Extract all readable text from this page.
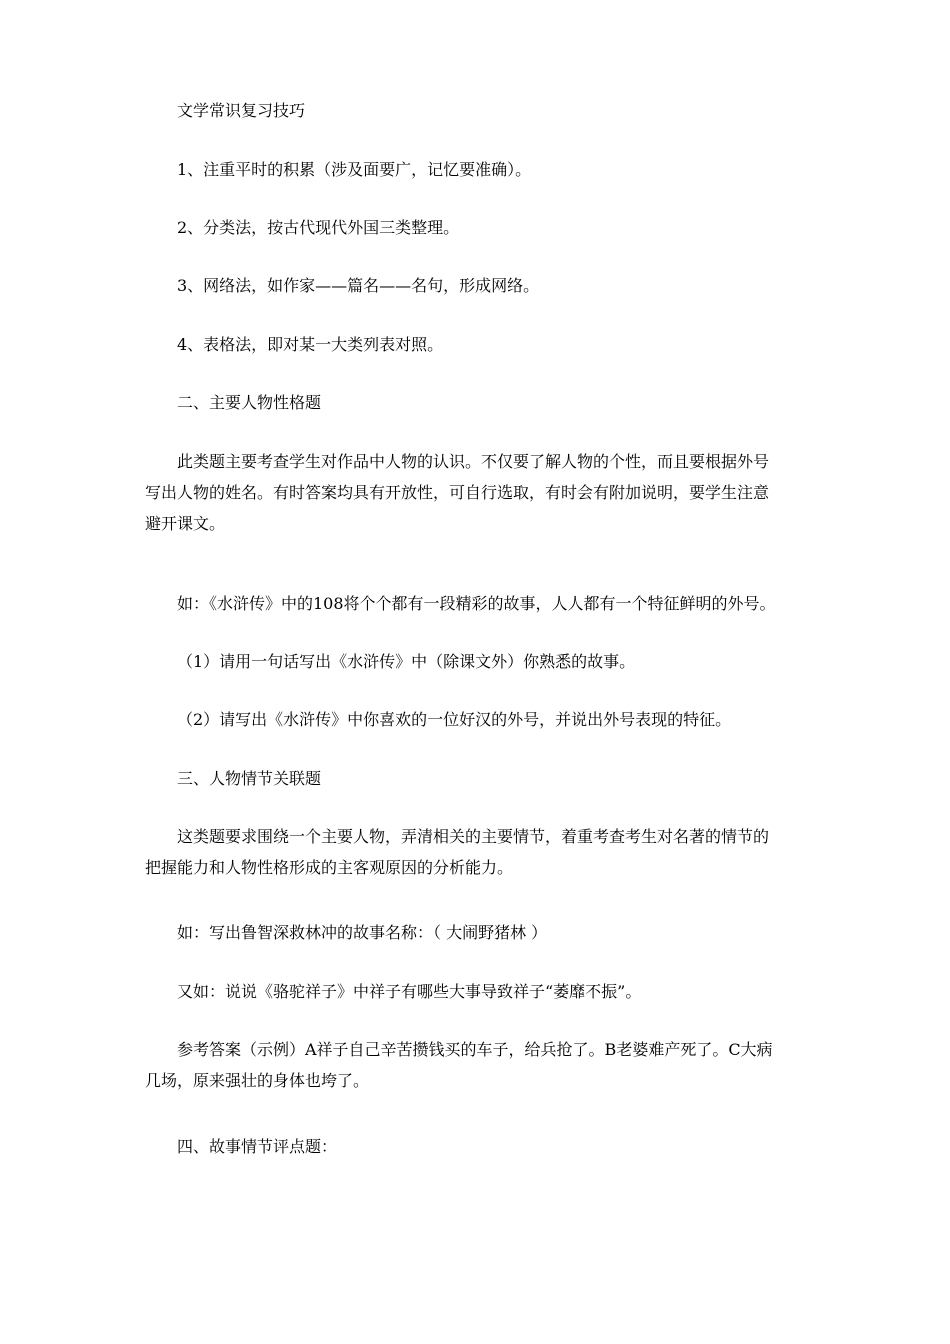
文学常识复习技巧

1、注重平时的积累（涉及面要广，记忆要准确）。

2、分类法，按古代现代外国三类整理。

3、网络法，如作家——篇名——名句，形成网络。

4、表格法，即对某一大类列表对照。

二、主要人物性格题

此类题主要考查学生对作品中人物的认识。不仅要了解人物的个性，而且要根据外号
写出人物的姓名。有时答案均具有开放性，可自行选取，有时会有附加说明，要学生注意
避开课文。

如：《水浒传》中的108将个个都有一段精彩的故事，人人都有一个特征鲜明的外号。

（1）请用一句话写出《水浒传》中（除课文外）你熟悉的故事。

（2）请写出《水浒传》中你喜欢的一位好汉的外号，并说出外号表现的特征。

三、人物情节关联题

这类题要求围绕一个主要人物，弄清相关的主要情节，着重考查考生对名著的情节的
把握能力和人物性格形成的主客观原因的分析能力。

如：写出鲁智深救林冲的故事名称：（ 大闹野猪林 ）

又如：说说《骆驼祥子》中祥子有哪些大事导致祥子“萎靡不振”。

参考答案（示例）A祥子自己辛苦攒钱买的车子，给兵抢了。B老婆难产死了。C大病
几场，原来强壮的身体也垮了。

四、故事情节评点题：
